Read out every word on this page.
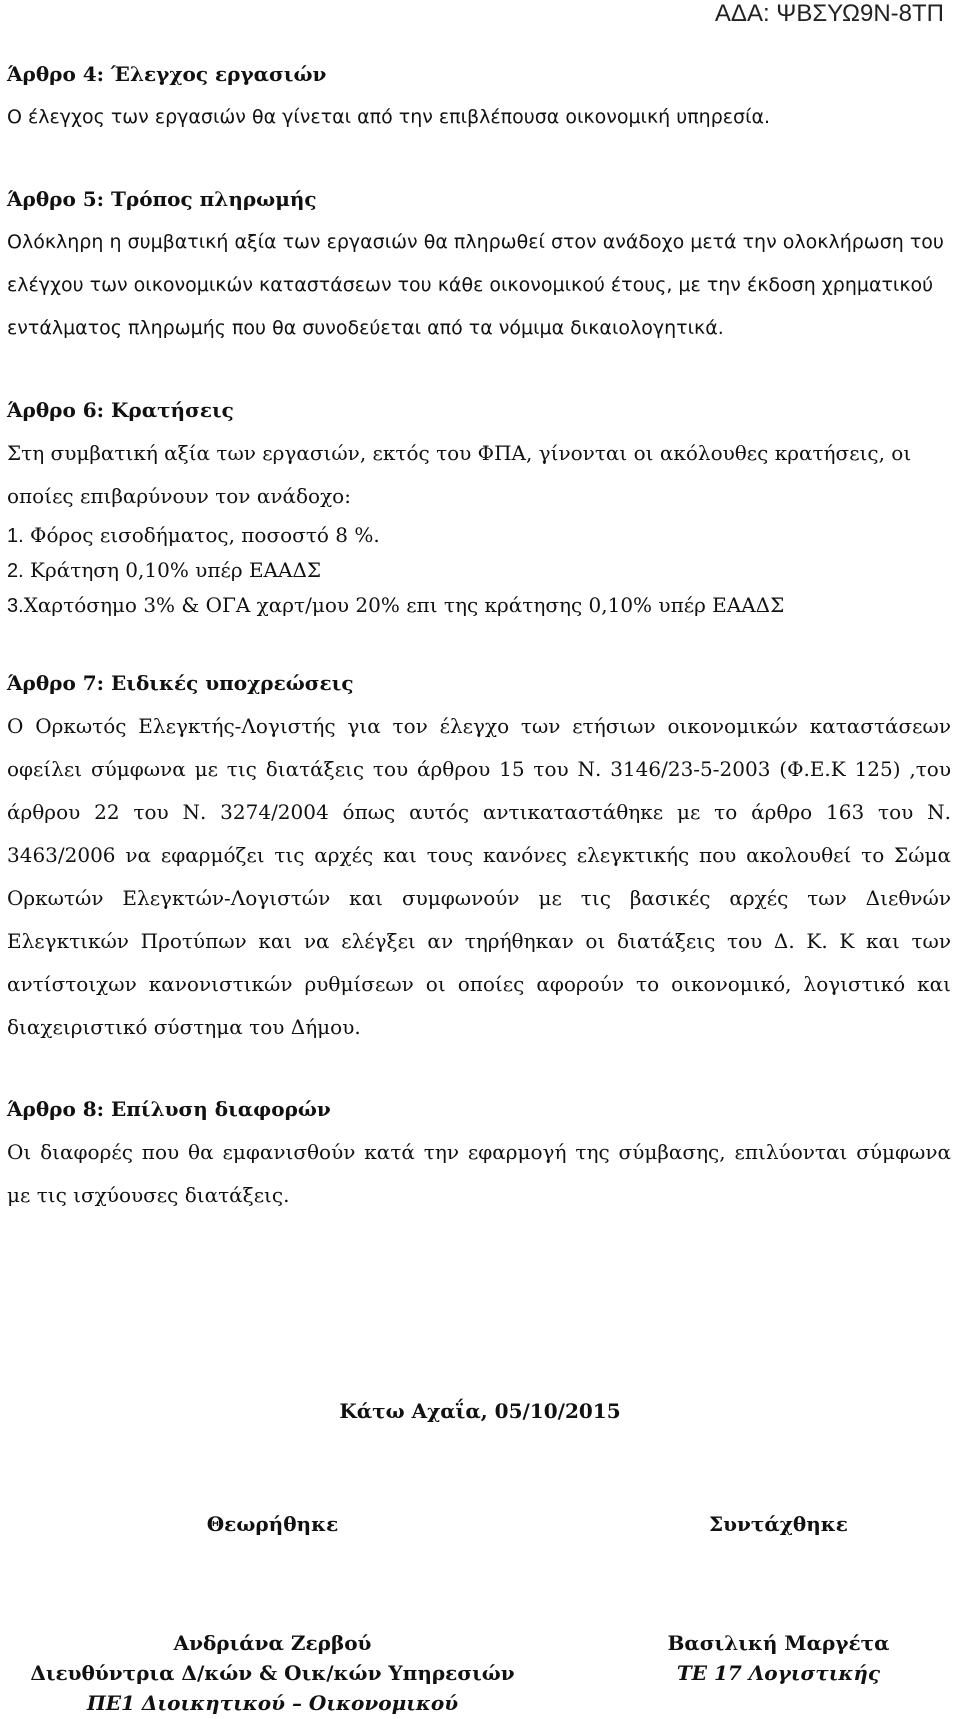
ΑΔΑ: ΨΒΣΥΩ9Ν-8ΤΠ

Άρθρο 4: Έλεγχος εργασιών

Ο έλεγχος των εργασιών θα γίνεται από την επιβλέπουσα οικονομική υπηρεσία.

Άρθρο 5: Τρόπος πληρωμής

Ολόκληρη η συμβατική αξία των εργασιών θα πληρωθεί στον ανάδοχο μετά την ολοκλήρωση του ελέγχου των οικονομικών καταστάσεων του κάθε οικονομικού έτους, με την έκδοση χρηματικού εντάλματος πληρωμής που θα συνοδεύεται από τα νόμιμα δικαιολογητικά.

Άρθρο 6: Κρατήσεις

Στη συμβατική αξία των εργασιών, εκτός του ΦΠΑ, γίνονται οι ακόλουθες κρατήσεις, οι οποίες επιβαρύνουν τον ανάδοχο:

1. Φόρος εισοδήματος, ποσοστό 8 %.

2. Κράτηση 0,10% υπέρ ΕΑΑΔΣ

3.Χαρτόσημο 3% & ΟΓΑ χαρτ/μου 20% επι της κράτησης 0,10% υπέρ ΕΑΑΔΣ

Άρθρο 7: Ειδικές υποχρεώσεις

Ο Ορκωτός Ελεγκτής-Λογιστής για τον έλεγχο των ετήσιων οικονομικών καταστάσεων οφείλει σύμφωνα με τις διατάξεις του άρθρου 15 του Ν. 3146/23-5-2003 (Φ.Ε.Κ 125) ,του άρθρου 22 του Ν. 3274/2004 όπως αυτός αντικαταστάθηκε με το άρθρο 163 του Ν. 3463/2006 να εφαρμόζει τις αρχές και τους κανόνες ελεγκτικής που ακολουθεί το Σώμα Ορκωτών Ελεγκτών-Λογιστών και συμφωνούν με τις βασικές αρχές των Διεθνών Ελεγκτικών Προτύπων και να ελέγξει αν τηρήθηκαν οι διατάξεις του Δ. Κ. Κ και των αντίστοιχων κανονιστικών ρυθμίσεων οι οποίες αφορούν το οικονομικό, λογιστικό και διαχειριστικό σύστημα του Δήμου.

Άρθρο 8: Επίλυση διαφορών

Οι διαφορές που θα εμφανισθούν κατά την εφαρμογή της σύμβασης, επιλύονται σύμφωνα με τις ισχύουσες διατάξεις.

Κάτω Αχαΐα, 05/10/2015

Θεωρήθηκε	Συντάχθηκε

Ανδριάνα Ζερβού

Διευθύντρια Δ/κών & Οικ/κών Υπηρεσιών

ΠΕ1 Διοικητικού – Οικονομικού

Βασιλική Μαργέτα

ΤΕ 17 Λογιστικής
